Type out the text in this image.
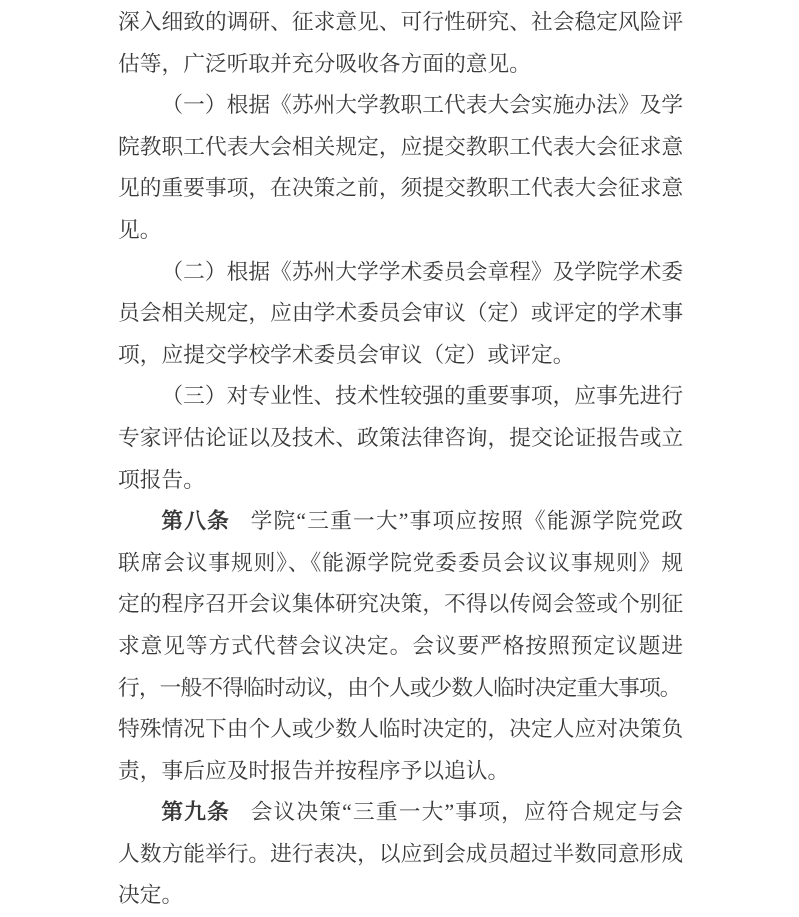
深入细致的调研、征求意见、可行性研究、社会稳定风险评
估等，广泛听取并充分吸收各方面的意见。
（一）根据《苏州大学教职工代表大会实施办法》及学
院教职工代表大会相关规定，应提交教职工代表大会征求意
见的重要事项，在决策之前，须提交教职工代表大会征求意
见。
（二）根据《苏州大学学术委员会章程》及学院学术委
员会相关规定，应由学术委员会审议（定）或评定的学术事
项，应提交学校学术委员会审议（定）或评定。
（三）对专业性、技术性较强的重要事项，应事先进行
专家评估论证以及技术、政策法律咨询，提交论证报告或立
项报告。
第八条 学院“三重一大”事项应按照《能源学院党政
联席会议事规则》、《能源学院党委委员会议议事规则》规
定的程序召开会议集体研究决策，不得以传阅会签或个别征
求意见等方式代替会议决定。会议要严格按照预定议题进
行，一般不得临时动议，由个人或少数人临时决定重大事项。
特殊情况下由个人或少数人临时决定的，决定人应对决策负
责，事后应及时报告并按程序予以追认。
第九条 会议决策“三重一大”事项，应符合规定与会
人数方能举行。进行表决，以应到会成员超过半数同意形成
决定。
